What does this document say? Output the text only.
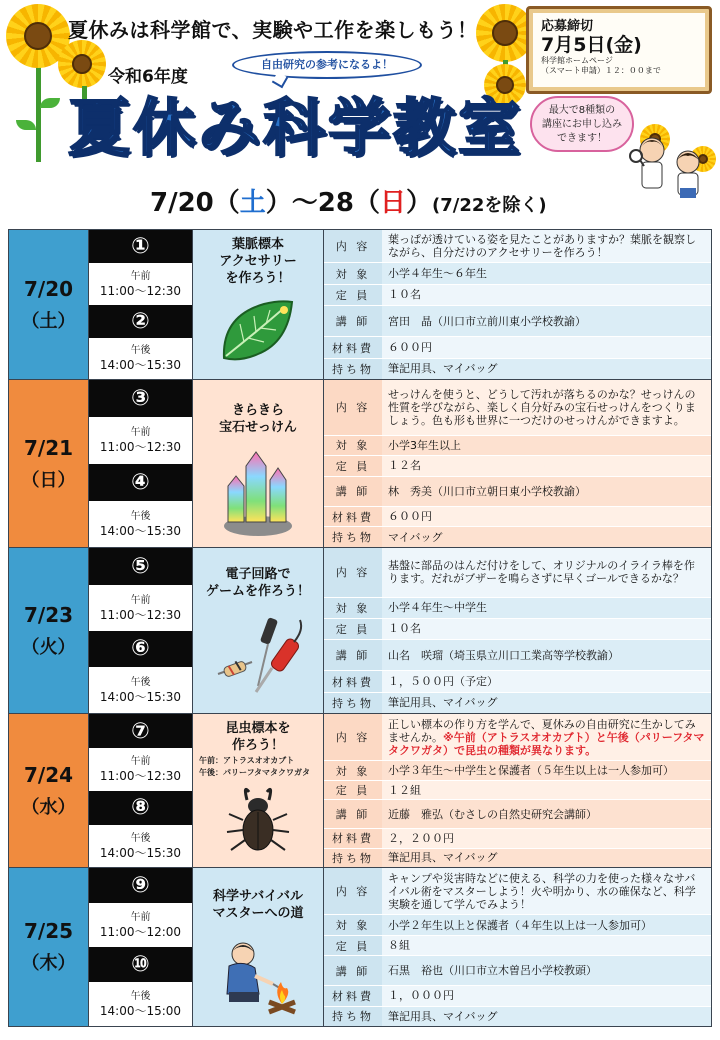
夏休みは科学館で、実験や工作を楽しもう！
令和6年度
自由研究の参考になるよ！
夏休み科学教室
応募締切
7月5日(金)
科学館ホームページ
（スマート申請）１２：００まで
最大で8種類の
講座にお申し込み
できます！
7/20（土）～28（日）(7/22を除く)
7/20
（土）
①
午前
11:00～12:30
②
午後
14:00～15:30
葉脈標本
アクセサリー
を作ろう！
内 容
葉っぱが透けている姿を見たことがありますか？葉脈を観察しながら、自分だけのアクセサリーを作ろう！
対 象	小学４年生～６年生
定 員	１０名
講 師	宮田　晶（川口市立前川東小学校教諭）
材料費	６００円
持ち物	筆記用具、マイバッグ
7/21
（日）
③
午前
11:00～12:30
④
午後
14:00～15:30
きらきら
宝石せっけん
内 容
せっけんを使うと、どうして汚れが落ちるのかな？せっけんの性質を学びながら、楽しく自分好みの宝石せっけんをつくりましょう。色も形も世界に一つだけのせっけんができますよ。
対 象	小学3年生以上
定 員	１２名
講 師	林　秀美（川口市立朝日東小学校教諭）
材料費	６００円
持ち物	マイバッグ
7/23
（火）
⑤
午前
11:00～12:30
⑥
午後
14:00～15:30
電子回路で
ゲームを作ろう！
内 容
基盤に部品のはんだ付けをして、オリジナルのイライラ棒を作ります。だれがブザーを鳴らさずに早くゴールできるかな？
対 象	小学４年生～中学生
定 員	１０名
講 師	山名　咲瑠（埼玉県立川口工業高等学校教諭）
材料費	１，５００円（予定）
持ち物	筆記用具、マイバッグ
7/24
（水）
⑦
午前
11:00～12:30
⑧
午後
14:00～15:30
昆虫標本を
作ろう！
午前：アトラスオオカブト
午後：パリーフタマタクワガタ
内 容
正しい標本の作り方を学んで、夏休みの自由研究に生かしてみませんか。※午前（アトラスオオカブト）と午後（パリーフタマタクワガタ）で昆虫の種類が異なります。
対 象	小学３年生～中学生と保護者（５年生以上は一人参加可）
定 員	１２組
講 師	近藤　雅弘（むさしの自然史研究会講師）
材料費	２，２００円
持ち物	筆記用具、マイバッグ
7/25
（木）
⑨
午前
11:00～12:00
⑩
午後
14:00～15:00
科学サバイバル
マスターへの道
内 容
キャンプや災害時などに使える、科学の力を使った様々なサバイバル術をマスターしよう！火や明かり、水の確保など、科学実験を通して学んでみよう！
対 象	小学２年生以上と保護者（４年生以上は一人参加可）
定 員	８組
講 師	石黒　裕也（川口市立木曽呂小学校教頭）
材料費	１，０００円
持ち物	筆記用具、マイバッグ
